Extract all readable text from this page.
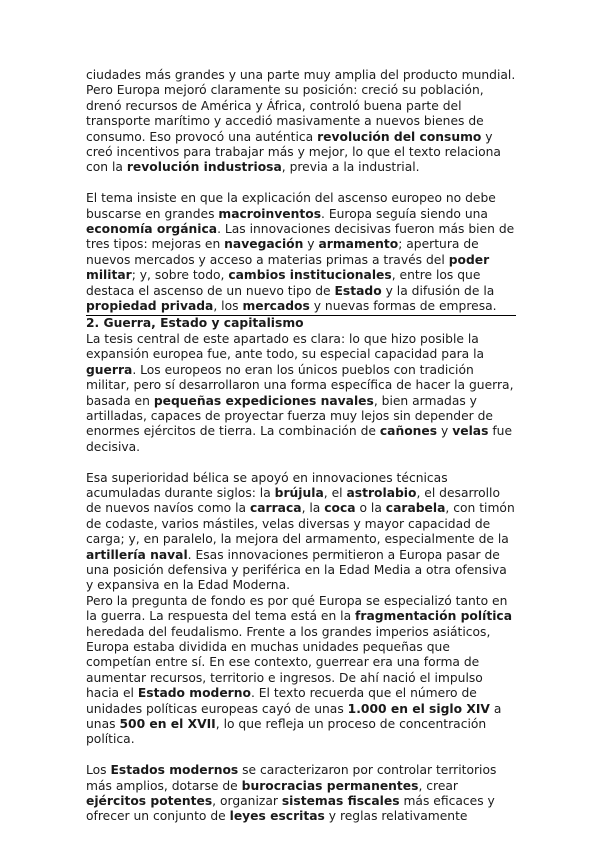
ciudades más grandes y una parte muy amplia del producto mundial. Pero Europa mejoró claramente su posición: creció su población, drenó recursos de América y África, controló buena parte del transporte marítimo y accedió masivamente a nuevos bienes de consumo. Eso provocó una auténtica revolución del consumo y creó incentivos para trabajar más y mejor, lo que el texto relaciona con la revolución industriosa, previa a la industrial.

El tema insiste en que la explicación del ascenso europeo no debe buscarse en grandes macroinventos. Europa seguía siendo una economía orgánica. Las innovaciones decisivas fueron más bien de tres tipos: mejoras en navegación y armamento; apertura de nuevos mercados y acceso a materias primas a través del poder militar; y, sobre todo, cambios institucionales, entre los que destaca el ascenso de un nuevo tipo de Estado y la difusión de la propiedad privada, los mercados y nuevas formas de empresa.

2. Guerra, Estado y capitalismo

La tesis central de este apartado es clara: lo que hizo posible la expansión europea fue, ante todo, su especial capacidad para la guerra. Los europeos no eran los únicos pueblos con tradición militar, pero sí desarrollaron una forma específica de hacer la guerra, basada en pequeñas expediciones navales, bien armadas y artilladas, capaces de proyectar fuerza muy lejos sin depender de enormes ejércitos de tierra. La combinación de cañones y velas fue decisiva.

Esa superioridad bélica se apoyó en innovaciones técnicas acumuladas durante siglos: la brújula, el astrolabio, el desarrollo de nuevos navíos como la carraca, la coca o la carabela, con timón de codaste, varios mástiles, velas diversas y mayor capacidad de carga; y, en paralelo, la mejora del armamento, especialmente de la artillería naval. Esas innovaciones permitieron a Europa pasar de una posición defensiva y periférica en la Edad Media a otra ofensiva y expansiva en la Edad Moderna.

Pero la pregunta de fondo es por qué Europa se especializó tanto en la guerra. La respuesta del tema está en la fragmentación política heredada del feudalismo. Frente a los grandes imperios asiáticos, Europa estaba dividida en muchas unidades pequeñas que competían entre sí. En ese contexto, guerrear era una forma de aumentar recursos, territorio e ingresos. De ahí nació el impulso hacia el Estado moderno. El texto recuerda que el número de unidades políticas europeas cayó de unas 1.000 en el siglo XIV a unas 500 en el XVII, lo que refleja un proceso de concentración política.

Los Estados modernos se caracterizaron por controlar territorios más amplios, dotarse de burocracias permanentes, crear ejércitos potentes, organizar sistemas fiscales más eficaces y ofrecer un conjunto de leyes escritas y reglas relativamente
